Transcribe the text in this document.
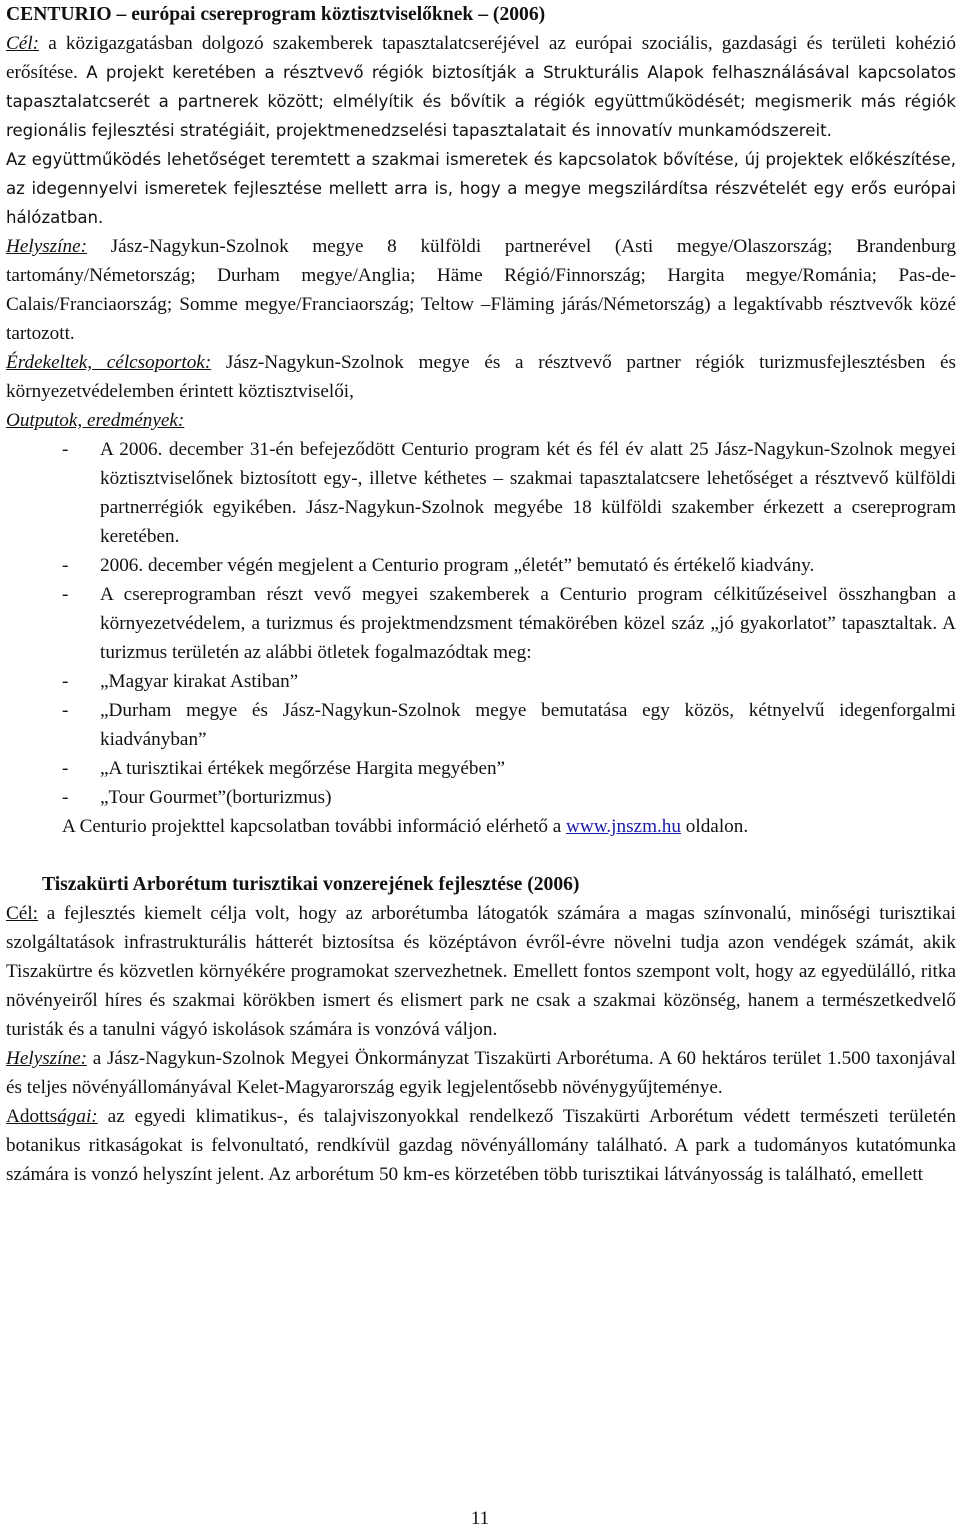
CENTURIO – európai csereprogram köztisztviselőknek – (2006)

Cél: a közigazgatásban dolgozó szakemberek tapasztalatcseréjével az európai szociális, gazdasági és területi kohézió erősítése. A projekt keretében a résztvevő régiók biztosítják a Strukturális Alapok felhasználásával kapcsolatos tapasztalatcserét a partnerek között; elmélyítik és bővítik a régiók együttműködését; megismerik más régiók regionális fejlesztési stratégiáit, projektmenedzselési tapasztalatait és innovatív munkamódszereit.

Az együttműködés lehetőséget teremtett a szakmai ismeretek és kapcsolatok bővítése, új projektek előkészítése, az idegennyelvi ismeretek fejlesztése mellett arra is, hogy a megye megszilárdítsa részvételét egy erős európai hálózatban.

Helyszíne: Jász-Nagykun-Szolnok megye 8 külföldi partnerével (Asti megye/Olaszország; Brandenburg tartomány/Németország; Durham megye/Anglia; Häme Régió/Finnország; Hargita megye/Románia; Pas-de-Calais/Franciaország; Somme megye/Franciaország; Teltow –Fläming járás/Németország) a legaktívabb résztvevők közé tartozott.

Érdekeltek, célcsoportok: Jász-Nagykun-Szolnok megye és a résztvevő partner régiók turizmusfejlesztésben és környezetvédelemben érintett köztisztviselői,

Outputok, eredmények:

-	A 2006. december 31-én befejeződött Centurio program két és fél év alatt 25 Jász-Nagykun-Szolnok megyei köztisztviselőnek biztosított egy-, illetve kéthetes – szakmai tapasztalatcsere lehetőséget a résztvevő külföldi partnerrégiók egyikében. Jász-Nagykun-Szolnok megyébe 18 külföldi szakember érkezett a csereprogram keretében.
-	2006. december végén megjelent a Centurio program „életét” bemutató és értékelő kiadvány.
-	A csereprogramban részt vevő megyei szakemberek a Centurio program célkitűzéseivel összhangban a környezetvédelem, a turizmus és projektmendzsment témakörében közel száz „jó gyakorlatot” tapasztaltak. A turizmus területén az alábbi ötletek fogalmazódtak meg:
-	„Magyar kirakat Astiban”
-	„Durham megye és Jász-Nagykun-Szolnok megye bemutatása egy közös, kétnyelvű idegenforgalmi kiadványban”
-	„A turisztikai értékek megőrzése Hargita megyében”
-	„Tour Gourmet”(borturizmus)

A Centurio projekttel kapcsolatban további információ elérhető a www.jnszm.hu oldalon.

Tiszakürti Arborétum turisztikai vonzerejének fejlesztése (2006)

Cél: a fejlesztés kiemelt célja volt, hogy az arborétumba látogatók számára a magas színvonalú, minőségi turisztikai szolgáltatások infrastrukturális hátterét biztosítsa és középtávon évről-évre növelni tudja azon vendégek számát, akik Tiszakürtre és közvetlen környékére programokat szervezhetnek. Emellett fontos szempont volt, hogy az egyedülálló, ritka növényeiről híres és szakmai körökben ismert és elismert park ne csak a szakmai közönség, hanem a természetkedvelő turisták és a tanulni vágyó iskolások számára is vonzóvá váljon.

Helyszíne: a Jász-Nagykun-Szolnok Megyei Önkormányzat Tiszakürti Arborétuma. A 60 hektáros terület 1.500 taxonjával és teljes növényállományával Kelet-Magyarország egyik legjelentősebb növénygyűjteménye.

Adottságai: az egyedi klimatikus-, és talajviszonyokkal rendelkező Tiszakürti Arborétum védett természeti területén botanikus ritkaságokat is felvonultató, rendkívül gazdag növényállomány található. A park a tudományos kutatómunka számára is vonzó helyszínt jelent. Az arborétum 50 km-es körzetében több turisztikai látványosság is található, emellett

11
